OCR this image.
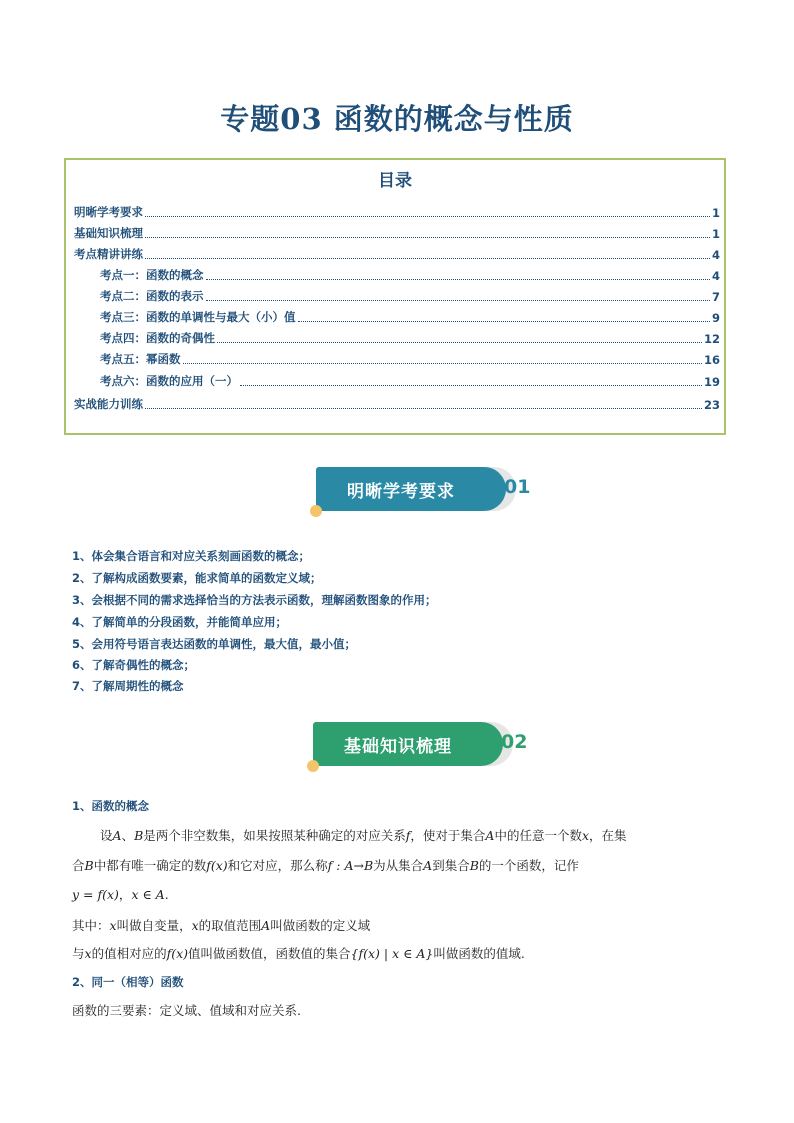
专题03 函数的概念与性质
目录
明晰学考要求	1
基础知识梳理	1
考点精讲讲练	4
考点一：函数的概念	4
考点二：函数的表示	7
考点三：函数的单调性与最大（小）值	9
考点四：函数的奇偶性	12
考点五：幂函数	16
考点六：函数的应用（一）	19
实战能力训练	23
明晰学考要求	01
1、体会集合语言和对应关系刻画函数的概念；
2、了解构成函数要素，能求简单的函数定义域；
3、会根据不同的需求选择恰当的方法表示函数，理解函数图象的作用；
4、了解简单的分段函数，并能简单应用；
5、会用符号语言表达函数的单调性，最大值，最小值；
6、了解奇偶性的概念；
7、了解周期性的概念
基础知识梳理	02
1、函数的概念
设A、B是两个非空数集，如果按照某种确定的对应关系f，使对于集合A中的任意一个数x，在集
合B中都有唯一确定的数f(x)和它对应，那么称f : A→B为从集合A到集合B的一个函数，记作
y = f(x)，x ∈ A.
其中：x叫做自变量，x的取值范围A叫做函数的定义域
与x的值相对应的f(x)值叫做函数值，函数值的集合{f(x) | x ∈ A}叫做函数的值域.
2、同一（相等）函数
函数的三要素：定义域、值域和对应关系.
